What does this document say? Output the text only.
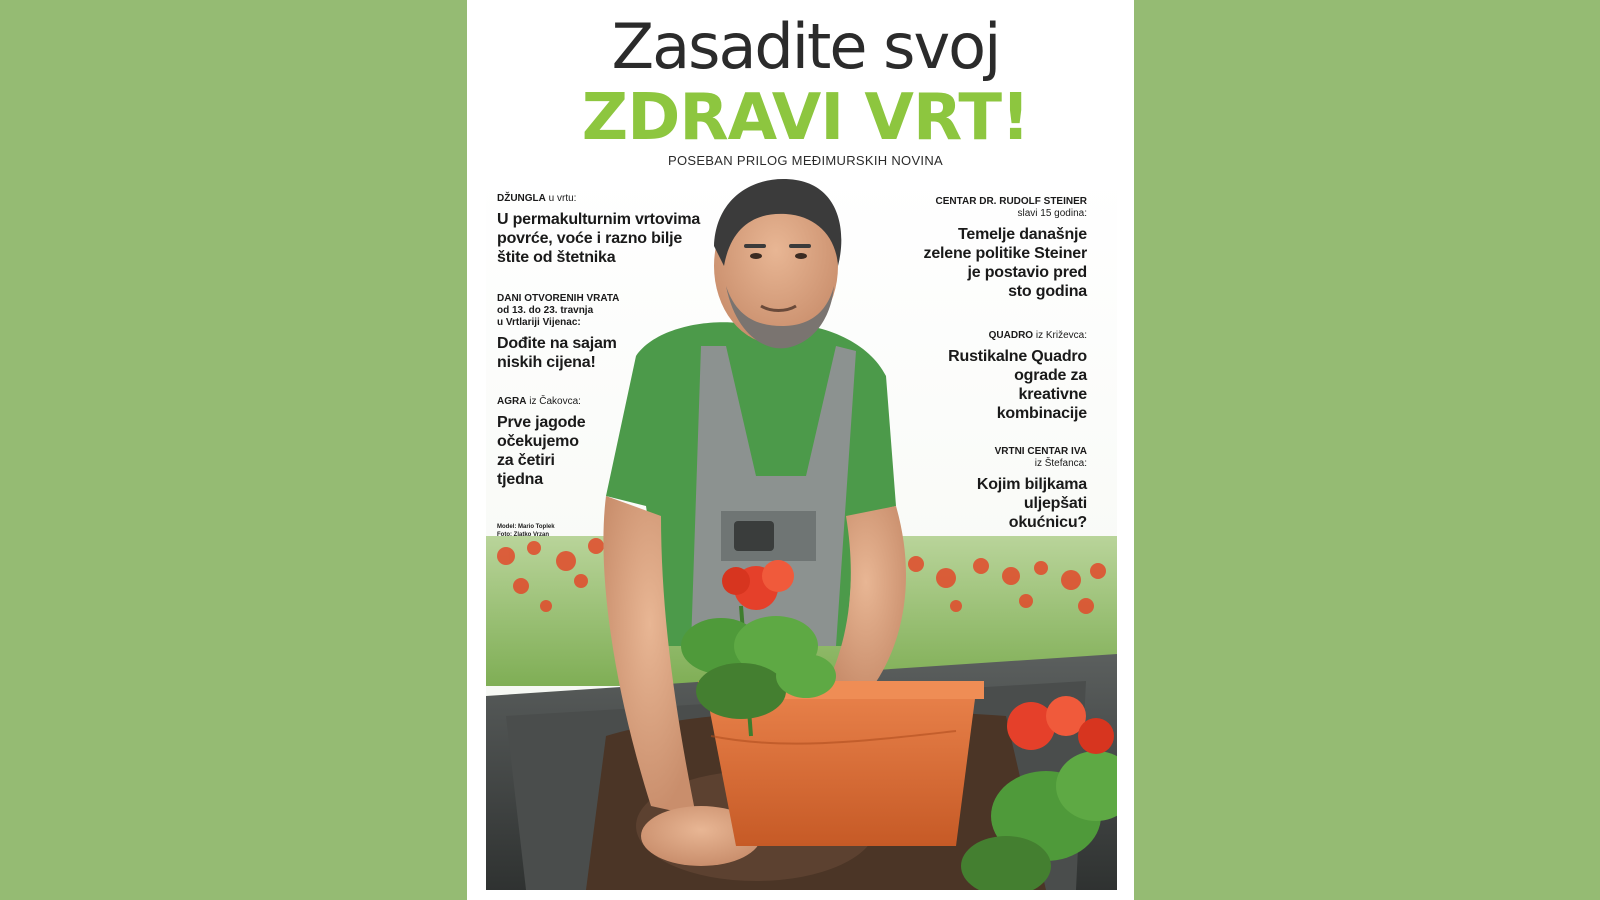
Zasadite svoj
ZDRAVI VRT!
POSEBAN PRILOG MEĐIMURSKIH NOVINA
DŽUNGLA u vrtu:
U permakulturnim vrtovima
povrće, voće i razno bilje
štite od štetnika
DANI OTVORENIH VRATA
od 13. do 23. travnja
u Vrtlariji Vijenac:
Dođite na sajam
niskih cijena!
AGRA iz Čakovca:
Prve jagode
očekujemo
za četiri
tjedna
Model: Mario Toplek
Foto: Zlatko Vrzan
CENTAR DR. RUDOLF STEINER
slavi 15 godina:
Temelje današnje
zelene politike Steiner
je postavio pred
sto godina
QUADRO iz Križevca:
Rustikalne Quadro
ograde za
kreativne
kombinacije
VRTNI CENTAR IVA
iz Štefanca:
Kojim biljkama
uljepšati
okućnicu?
